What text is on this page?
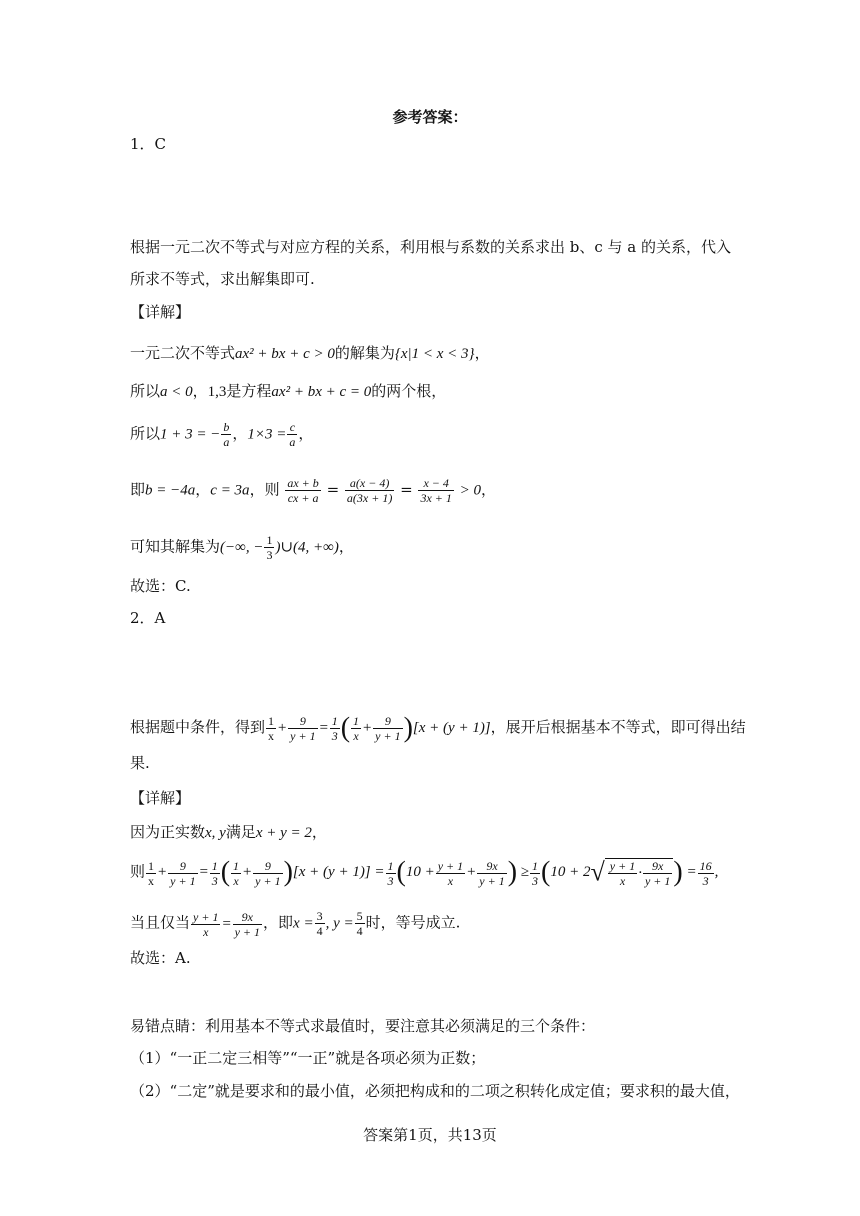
参考答案：
1．C
根据一元二次不等式与对应方程的关系，利用根与系数的关系求出 b、c 与 a 的关系，代入
所求不等式，求出解集即可.
【详解】
一元二次不等式ax² + bx + c > 0的解集为{x|1 < x < 3}，
所以a < 0，1,3是方程ax² + bx + c = 0的两个根，
所以1 + 3 = − $\frac{b}{a}$ ，$1\times 3 = \frac{c}{a}$ ，
即b = −4a，c = 3a，则 $\frac{ax + b}{cx + a} = \frac{a(x - 4)}{a(3x + 1)} = \frac{x - 4}{3x + 1} > 0$，
可知其解集为(−∞, − $\frac{1}{3}$ )∪(4, +∞)，
故选：C.
2．A
根据题中条件，得到 $\frac{1}{x} + \frac{9}{y + 1} = \frac{1}{3}$ ( $\frac{1}{x} + \frac{9}{y + 1} )[x + (y + 1)]$，展开后根据基本不等式，即可得出结
果.
【详解】
因为正实数x, y满足x + y = 2，
则 $\frac{1}{x} + \frac{9}{y + 1} = \frac{1}{3}$ ( $\frac{1}{x} + \frac{9}{y + 1} )[x + (y + 1)] = \frac{1}{3} (10 + \frac{y + 1}{x} + \frac{9x}{y + 1}$ ) ≥ $\frac{1}{3} (10 + 2√ \frac{y + 1}{x} \cdot \frac{9x}{y + 1}$ ) = $\frac{16}{3}$ ,
当且仅当 $\frac{y + 1}{x} = \frac{9x}{y + 1}$ ，即$x = \frac{3}{4}$ , $y = \frac{5}{4}$ 时，等号成立.
故选：A.
易错点睛：利用基本不等式求最值时，要注意其必须满足的三个条件：
（1）“一正二定三相等”“一正”就是各项必须为正数；
（2）“二定”就是要求和的最小值，必须把构成和的二项之积转化成定值；要求积的最大值，
答案第1页，共13页
